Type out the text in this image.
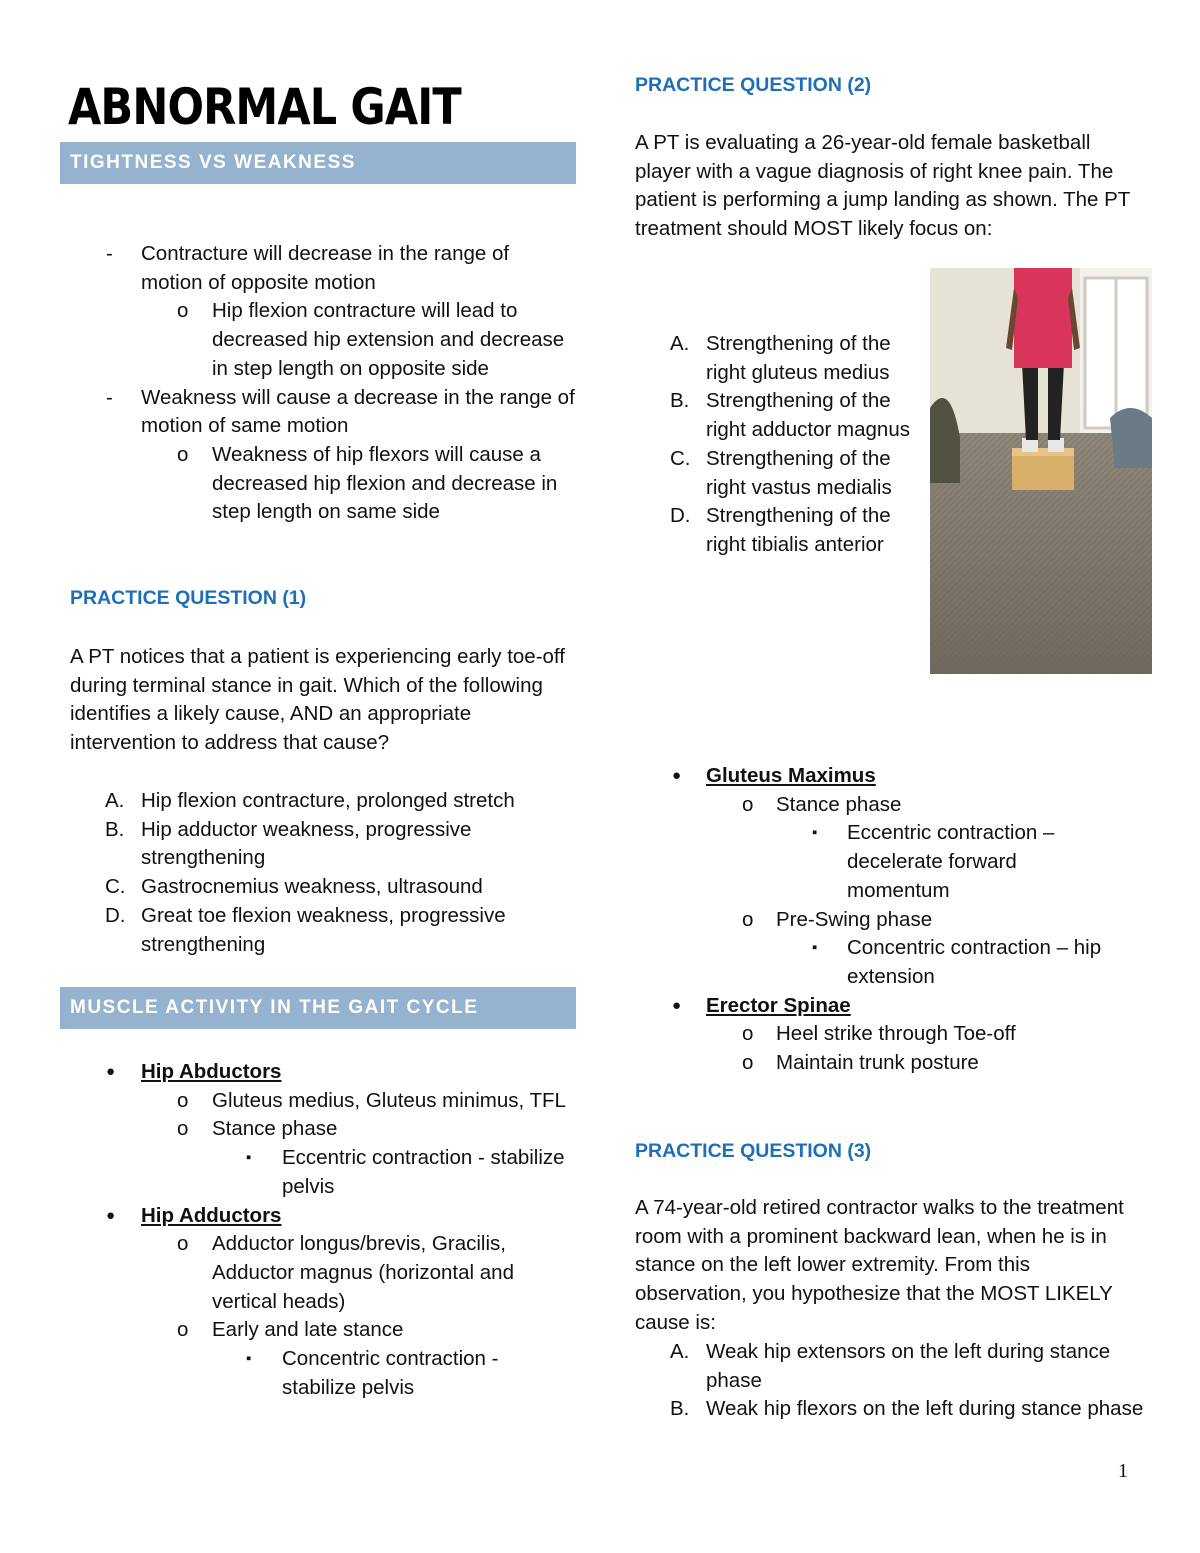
ABNORMAL GAIT
TIGHTNESS VS WEAKNESS
- Contracture will decrease in the range of motion of opposite motion
o Hip flexion contracture will lead to decreased hip extension and decrease in step length on opposite side
- Weakness will cause a decrease in the range of motion of same motion
o Weakness of hip flexors will cause a decreased hip flexion and decrease in step length on same side
PRACTICE QUESTION (1)

A PT notices that a patient is experiencing early toe-off during terminal stance in gait. Which of the following identifies a likely cause, AND an appropriate intervention to address that cause?

A. Hip flexion contracture, prolonged stretch
B. Hip adductor weakness, progressive strengthening
C. Gastrocnemius weakness, ultrasound
D. Great toe flexion weakness, progressive strengthening
MUSCLE ACTIVITY IN THE GAIT CYCLE
● Hip Abductors
o Gluteus medius, Gluteus minimus, TFL
o Stance phase
▪ Eccentric contraction - stabilize pelvis
● Hip Adductors
o Adductor longus/brevis, Gracilis, Adductor magnus (horizontal and vertical heads)
o Early and late stance
▪ Concentric contraction - stabilize pelvis
PRACTICE QUESTION (2)

A PT is evaluating a 26-year-old female basketball player with a vague diagnosis of right knee pain. The patient is performing a jump landing as shown. The PT treatment should MOST likely focus on:

A. Strengthening of the right gluteus medius
B. Strengthening of the right adductor magnus
C. Strengthening of the right vastus medialis
D. Strengthening of the right tibialis anterior
● Gluteus Maximus
o Stance phase
▪ Eccentric contraction – decelerate forward momentum
o Pre-Swing phase
▪ Concentric contraction – hip extension
● Erector Spinae
o Heel strike through Toe-off
o Maintain trunk posture
PRACTICE QUESTION (3)

A 74-year-old retired contractor walks to the treatment room with a prominent backward lean, when he is in stance on the left lower extremity. From this observation, you hypothesize that the MOST LIKELY cause is:

A. Weak hip extensors on the left during stance phase
B. Weak hip flexors on the left during stance phase
1
